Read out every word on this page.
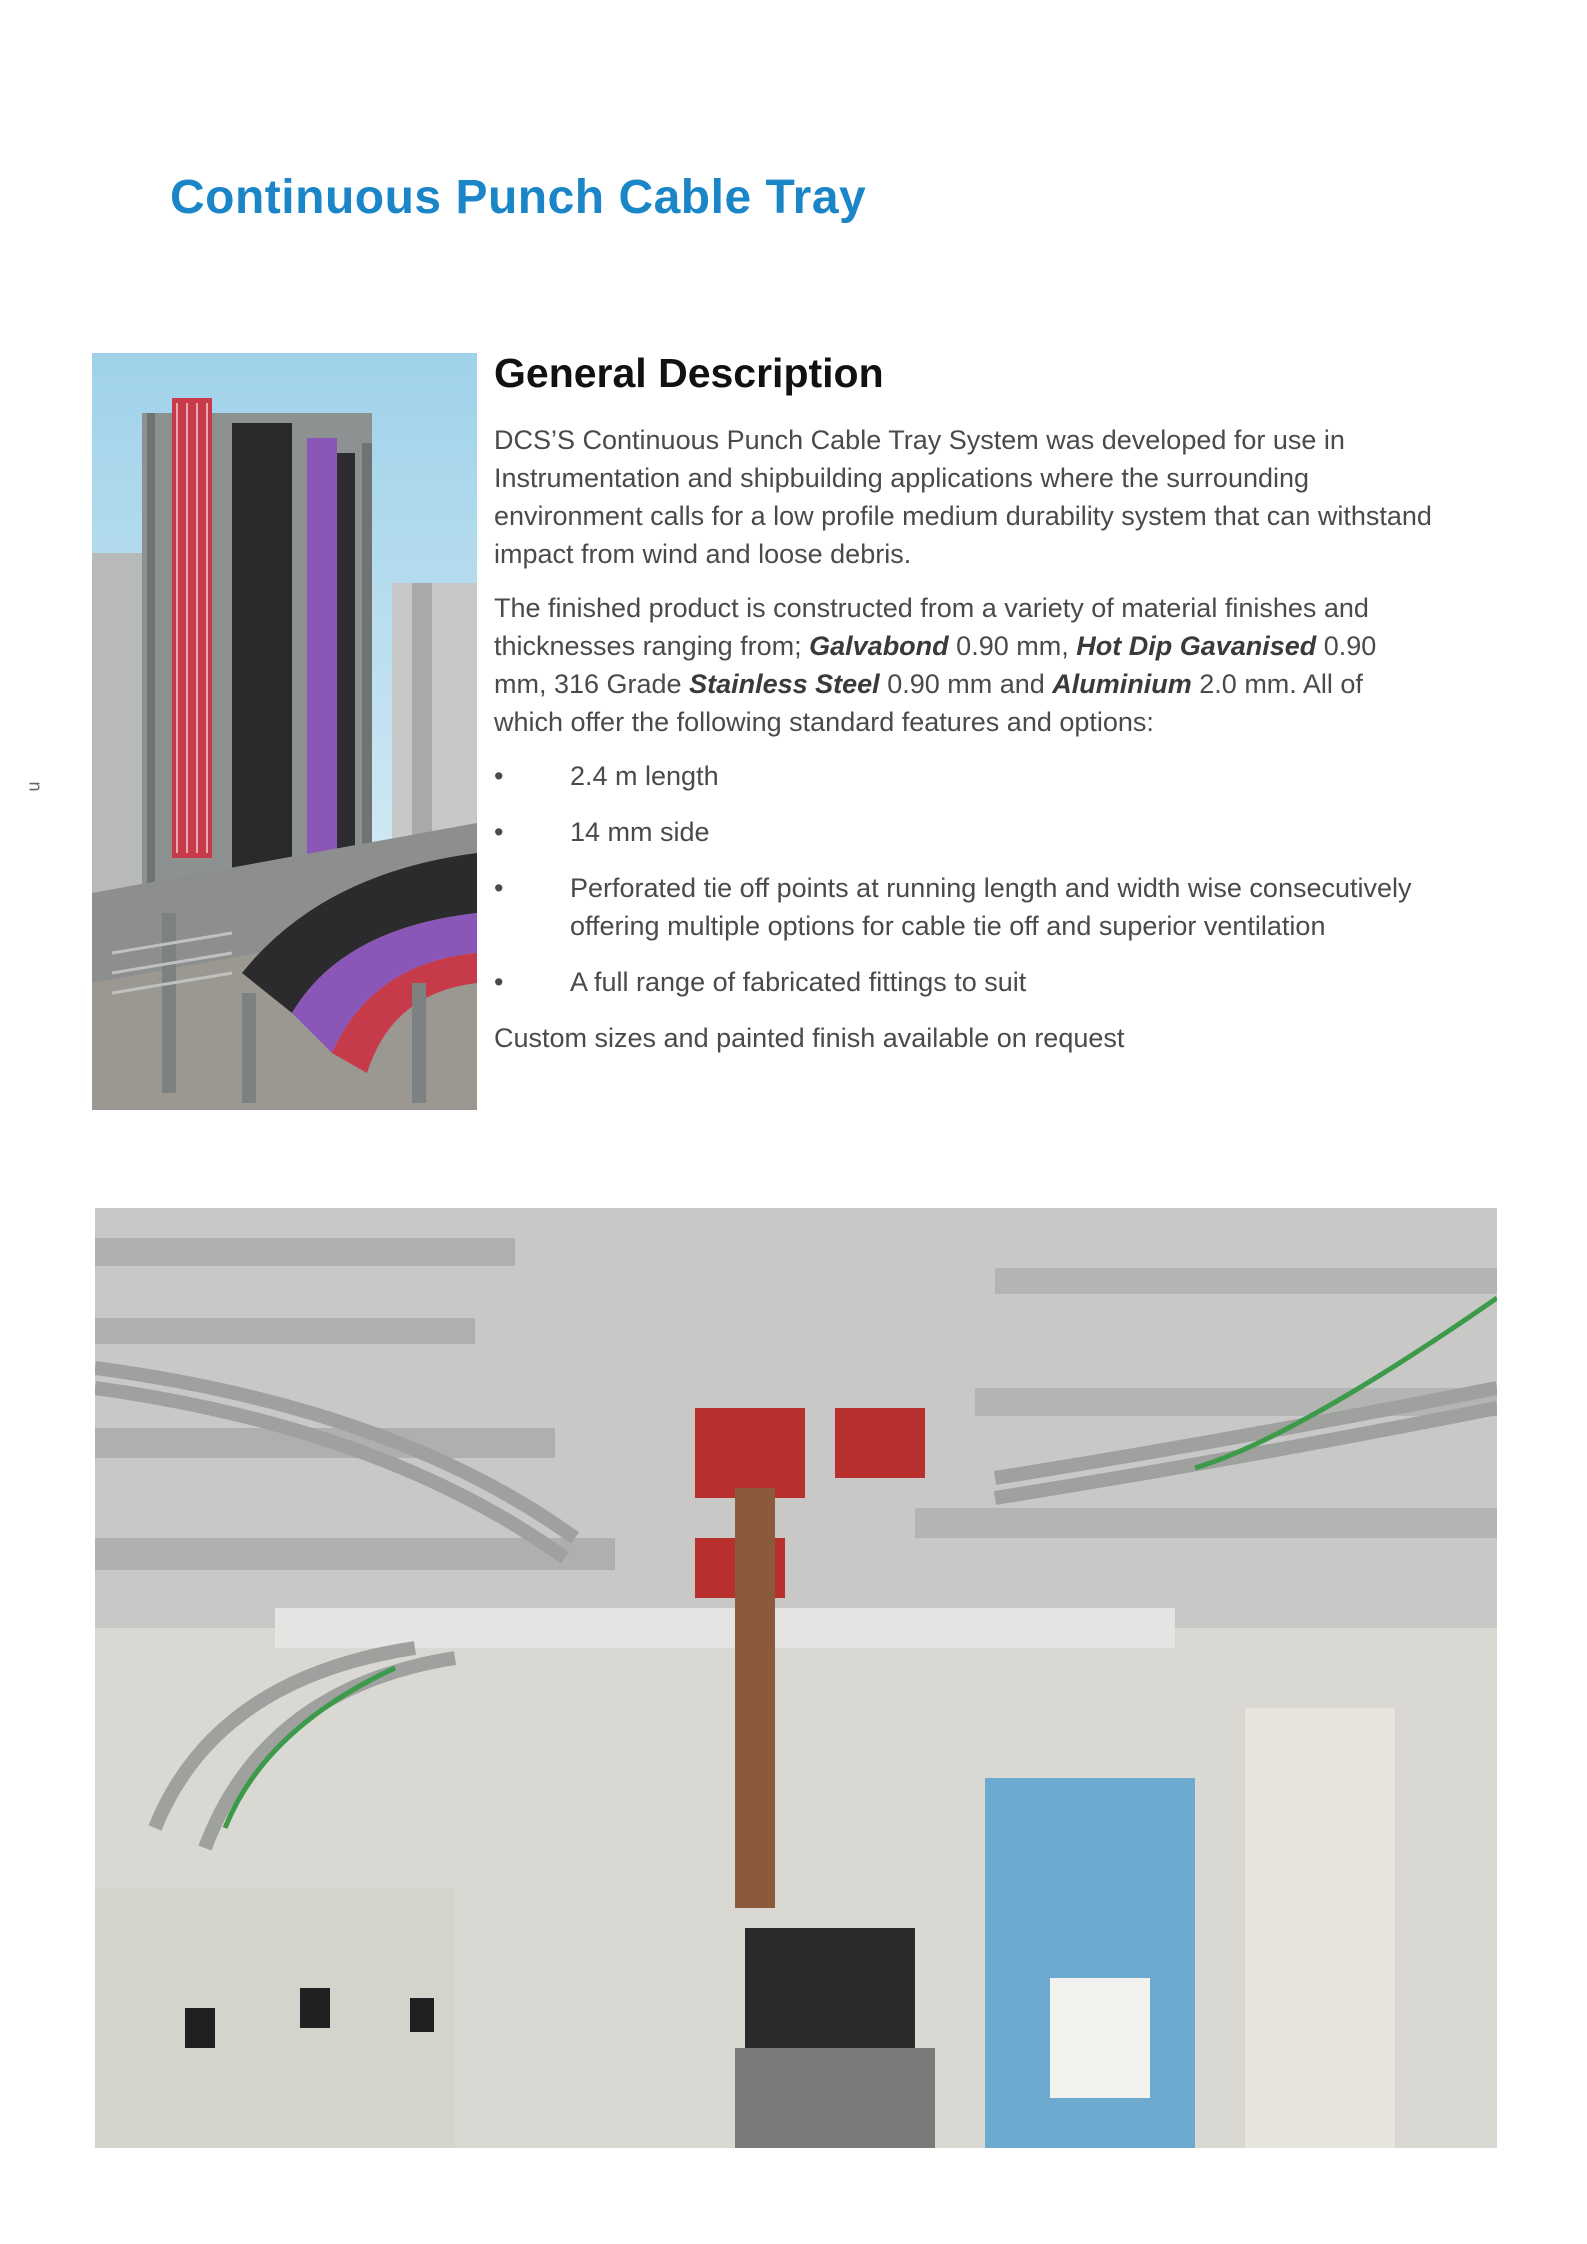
Continuous Punch Cable Tray
n
General Description

DCS’S Continuous Punch Cable Tray System was developed for use in Instrumentation and shipbuilding applications where the surrounding environment calls for a low profile medium durability system that can withstand impact from wind and loose debris.

The finished product is constructed from a variety of material finishes and thicknesses ranging from; Galvabond 0.90 mm, Hot Dip Gavanised 0.90 mm, 316 Grade Stainless Steel 0.90 mm and Aluminium 2.0 mm. All of which offer the following standard features and options:

• 2.4 m length
• 14 mm side
• Perforated tie off points at running length and width wise consecutively offering multiple options for cable tie off and superior ventilation
• A full range of fabricated fittings to suit

Custom sizes and painted finish available on request
